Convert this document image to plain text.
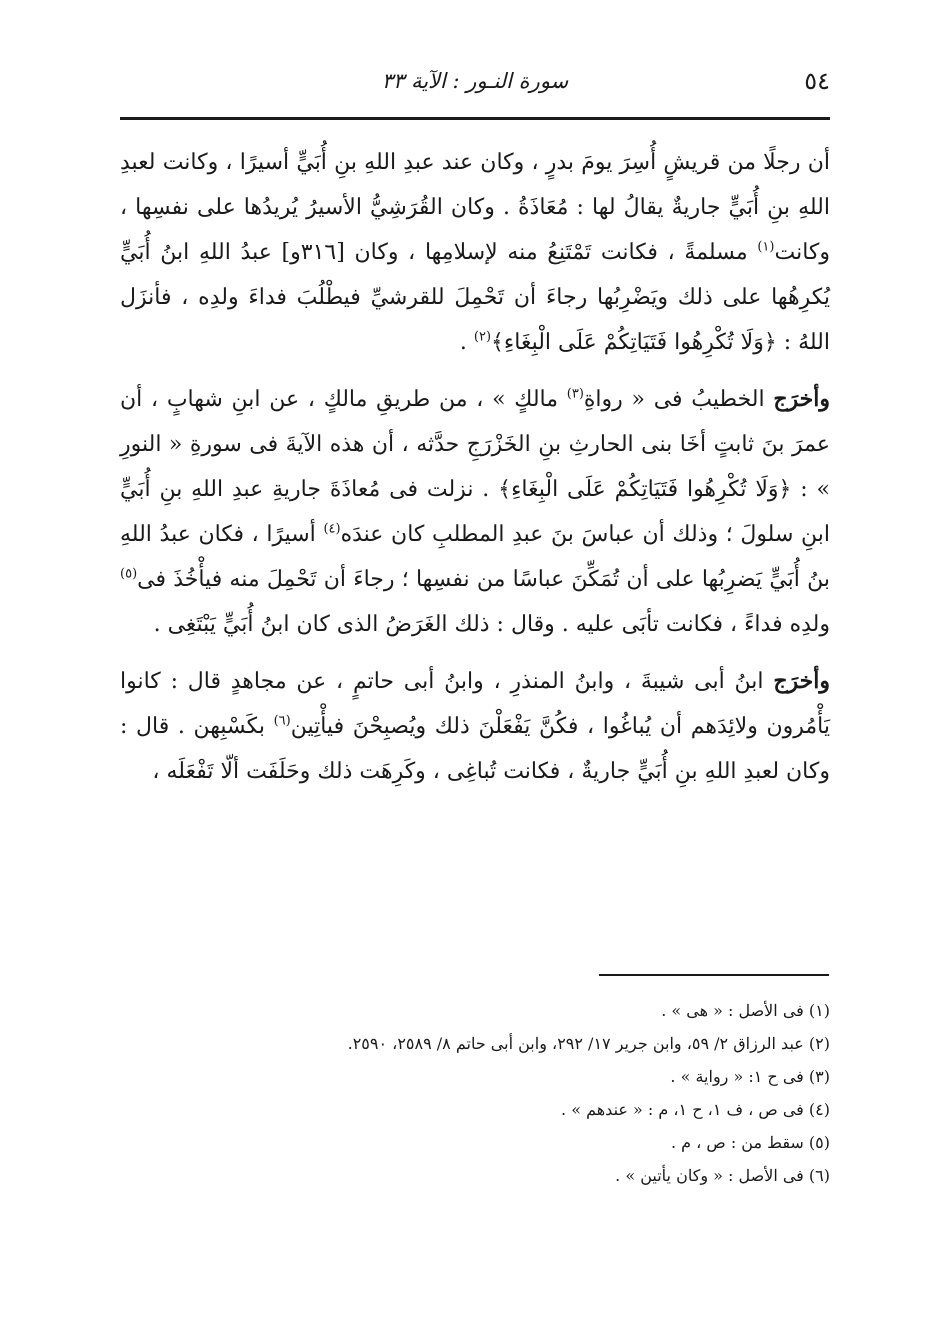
٥٤
سورة النـور : الآية ٣٣

أن رجلًا من قريشٍ أُسِرَ يومَ بدرٍ ، وكان عند عبدِ اللهِ بنِ أُبَيٍّ أسيرًا ، وكانت لعبدِ اللهِ بنِ أُبَيٍّ جاريةٌ يقالُ لها : مُعَاذَةُ . وكان القُرَشِيُّ الأسيرُ يُريدُها على نفسِها ، وكانت$^{(١)}$ مسلمةً ، فكانت تَمْتَنِعُ منه لإسلامِها ، وكان [٣١٦و] عبدُ اللهِ ابنُ أُبَيٍّ يُكرِهُها على ذلك ويَضْرِبُها رجاءَ أن تَحْمِلَ للقرشيِّ فيطْلُبَ فداءَ ولدِه ، فأنزَل اللهُ : ﴿وَلَا تُكْرِهُوا فَتَيَاتِكُمْ عَلَى الْبِغَاءِ﴾$^{(٢)}$ .

وأخرَج الخطيبُ فى « رواةِ$^{(٣)}$ مالكٍ » ، من طريقِ مالكٍ ، عن ابنِ شهابٍ ، أن عمرَ بنَ ثابتٍ أخَا بنى الحارثِ بنِ الخَزْرَجِ حدَّثه ، أن هذه الآيةَ فى سورةِ « النورِ » : ﴿وَلَا تُكْرِهُوا فَتَيَاتِكُمْ عَلَى الْبِغَاءِ﴾ . نزلت فى مُعاذَةَ جاريةِ عبدِ اللهِ بنِ أُبَيٍّ ابنِ سلولَ ؛ وذلك أن عباسَ بنَ عبدِ المطلبِ كان عندَه$^{(٤)}$ أسيرًا ، فكان عبدُ اللهِ بنُ أُبَيٍّ يَضرِبُها على أن تُمَكِّنَ عباسًا من نفسِها ؛ رجاءَ أن تَحْمِلَ منه فيأْخُذَ فى$^{(٥)}$ ولدِه فداءً ، فكانت تأبَى عليه . وقال : ذلك الغَرَضُ الذى كان ابنُ أُبَيٍّ يَبْتَغِى .

وأخرَج ابنُ أبى شيبةَ ، وابنُ المنذرِ ، وابنُ أبى حاتمٍ ، عن مجاهدٍ قال : كانوا يَأْمُرون ولائِدَهم أن يُباغُوا ، فكُنَّ يَفْعَلْنَ ذلك ويُصبِحْنَ فيأْتِين$^{(٦)}$ بكَسْبِهن . قال : وكان لعبدِ اللهِ بنِ أُبَيٍّ جاريةٌ ، فكانت تُباغِى ، وكَرِهَت ذلك وحَلَفَت ألّا تَفْعَلَه ،

(١) فى الأصل : « هى » .
(٢) عبد الرزاق ٢/ ٥٩، وابن جرير ١٧/ ٢٩٢، وابن أبى حاتم ٨/ ٢٥٨٩، ٢٥٩٠.
(٣) فى ح ١: « رواية » .
(٤) فى ص ، ف ١، ح ١، م : « عندهم » .
(٥) سقط من : ص ، م .
(٦) فى الأصل : « وكان يأتين » .
